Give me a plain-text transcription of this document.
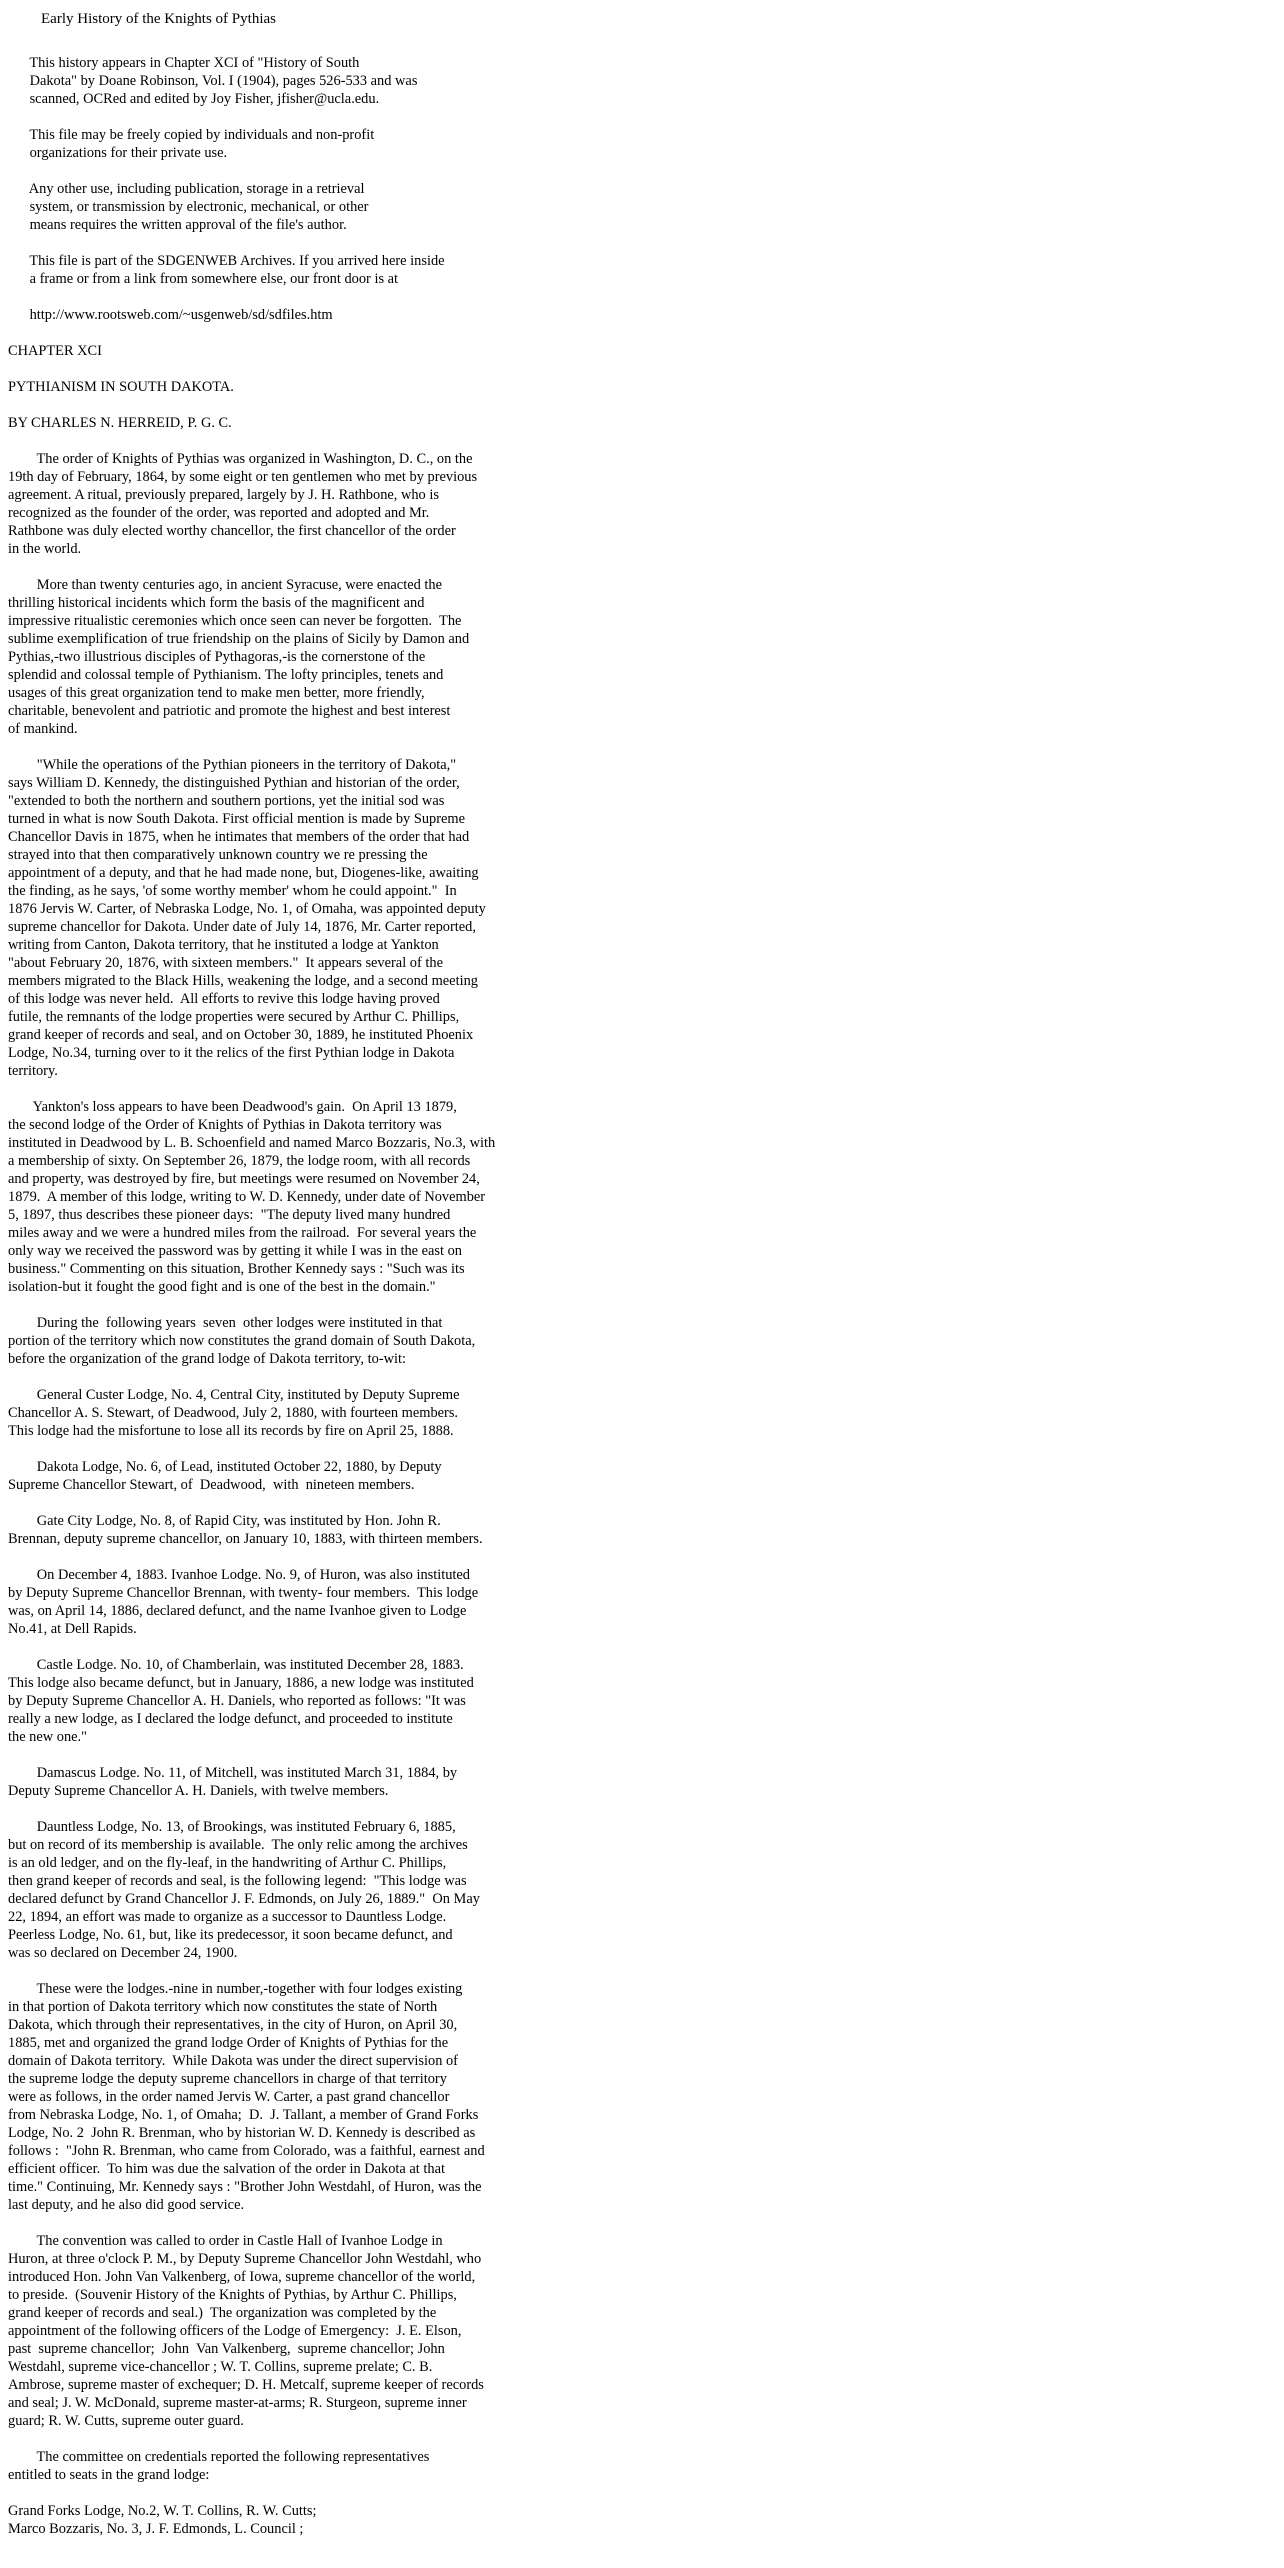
Early History of the Knights of Pythias
This history appears in Chapter XCI of "History of South
Dakota" by Doane Robinson, Vol. I (1904), pages 526-533 and was
scanned, OCRed and edited by Joy Fisher, jfisher@ucla.edu.
This file may be freely copied by individuals and non-profit
organizations for their private use.
Any other use, including publication, storage in a retrieval
system, or transmission by electronic, mechanical, or other
means requires the written approval of the file's author.
This file is part of the SDGENWEB Archives. If you arrived here inside
a frame or from a link from somewhere else, our front door is at
http://www.rootsweb.com/~usgenweb/sd/sdfiles.htm
CHAPTER XCI
PYTHIANISM IN SOUTH DAKOTA.
BY CHARLES N. HERREID, P. G. C.
The order of Knights of Pythias was organized in Washington, D. C., on the
19th day of February, 1864, by some eight or ten gentlemen who met by previous
agreement. A ritual, previously prepared, largely by J. H. Rathbone, who is
recognized as the founder of the order, was reported and adopted and Mr.
Rathbone was duly elected worthy chancellor, the first chancellor of the order
in the world.
More than twenty centuries ago, in ancient Syracuse, were enacted the
thrilling historical incidents which form the basis of the magnificent and
impressive ritualistic ceremonies which once seen can never be forgotten.  The
sublime exemplification of true friendship on the plains of Sicily by Damon and
Pythias,-two illustrious disciples of Pythagoras,-is the cornerstone of the
splendid and colossal temple of Pythianism. The lofty principles, tenets and
usages of this great organization tend to make men better, more friendly,
charitable, benevolent and patriotic and promote the highest and best interest
of mankind.
"While the operations of the Pythian pioneers in the territory of Dakota,"
says William D. Kennedy, the distinguished Pythian and historian of the order,
"extended to both the northern and southern portions, yet the initial sod was
turned in what is now South Dakota. First official mention is made by Supreme
Chancellor Davis in 1875, when he intimates that members of the order that had
strayed into that then comparatively unknown country we re pressing the
appointment of a deputy, and that he had made none, but, Diogenes-like, awaiting
the finding, as he says, 'of some worthy member' whom he could appoint."  In
1876 Jervis W. Carter, of Nebraska Lodge, No. 1, of Omaha, was appointed deputy
supreme chancellor for Dakota. Under date of July 14, 1876, Mr. Carter reported,
writing from Canton, Dakota territory, that he instituted a lodge at Yankton
"about February 20, 1876, with sixteen members."  It appears several of the
members migrated to the Black Hills, weakening the lodge, and a second meeting
of this lodge was never held.  All efforts to revive this lodge having proved
futile, the remnants of the lodge properties were secured by Arthur C. Phillips,
grand keeper of records and seal, and on October 30, 1889, he instituted Phoenix
Lodge, No.34, turning over to it the relics of the first Pythian lodge in Dakota
territory.
Yankton's loss appears to have been Deadwood's gain.  On April 13 1879,
the second lodge of the Order of Knights of Pythias in Dakota territory was
instituted in Deadwood by L. B. Schoenfield and named Marco Bozzaris, No.3, with
a membership of sixty. On September 26, 1879, the lodge room, with all records
and property, was destroyed by fire, but meetings were resumed on November 24,
1879.  A member of this lodge, writing to W. D. Kennedy, under date of November
5, 1897, thus describes these pioneer days:  "The deputy lived many hundred
miles away and we were a hundred miles from the railroad.  For several years the
only way we received the password was by getting it while I was in the east on
business." Commenting on this situation, Brother Kennedy says : "Such was its
isolation-but it fought the good fight and is one of the best in the domain."
During the  following years  seven  other lodges were instituted in that
portion of the territory which now constitutes the grand domain of South Dakota,
before the organization of the grand lodge of Dakota territory, to-wit:
General Custer Lodge, No. 4, Central City, instituted by Deputy Supreme
Chancellor A. S. Stewart, of Deadwood, July 2, 1880, with fourteen members.
This lodge had the misfortune to lose all its records by fire on April 25, 1888.
Dakota Lodge, No. 6, of Lead, instituted October 22, 1880, by Deputy
Supreme Chancellor Stewart, of  Deadwood,  with  nineteen members.
Gate City Lodge, No. 8, of Rapid City, was instituted by Hon. John R.
Brennan, deputy supreme chancellor, on January 10, 1883, with thirteen members.
On December 4, 1883. Ivanhoe Lodge. No. 9, of Huron, was also instituted
by Deputy Supreme Chancellor Brennan, with twenty- four members.  This lodge
was, on April 14, 1886, declared defunct, and the name Ivanhoe given to Lodge
No.41, at Dell Rapids.
Castle Lodge. No. 10, of Chamberlain, was instituted December 28, 1883.
This lodge also became defunct, but in January, 1886, a new lodge was instituted
by Deputy Supreme Chancellor A. H. Daniels, who reported as follows: "It was
really a new lodge, as I declared the lodge defunct, and proceeded to institute
the new one."
Damascus Lodge. No. 11, of Mitchell, was instituted March 31, 1884, by
Deputy Supreme Chancellor A. H. Daniels, with twelve members.
Dauntless Lodge, No. 13, of Brookings, was instituted February 6, 1885,
but on record of its membership is available.  The only relic among the archives
is an old ledger, and on the fly-leaf, in the handwriting of Arthur C. Phillips,
then grand keeper of records and seal, is the following legend:  "This lodge was
declared defunct by Grand Chancellor J. F. Edmonds, on July 26, 1889."  On May
22, 1894, an effort was made to organize as a successor to Dauntless Lodge.
Peerless Lodge, No. 61, but, like its predecessor, it soon became defunct, and
was so declared on December 24, 1900.
These were the lodges.-nine in number,-together with four lodges existing
in that portion of Dakota territory which now constitutes the state of North
Dakota, which through their representatives, in the city of Huron, on April 30,
1885, met and organized the grand lodge Order of Knights of Pythias for the
domain of Dakota territory.  While Dakota was under the direct supervision of
the supreme lodge the deputy supreme chancellors in charge of that territory
were as follows, in the order named Jervis W. Carter, a past grand chancellor
from Nebraska Lodge, No. 1, of Omaha;  D.  J. Tallant, a member of Grand Forks
Lodge, No. 2  John R. Brenman, who by historian W. D. Kennedy is described as
follows :  "John R. Brenman, who came from Colorado, was a faithful, earnest and
efficient officer.  To him was due the salvation of the order in Dakota at that
time." Continuing, Mr. Kennedy says : "Brother John Westdahl, of Huron, was the
last deputy, and he also did good service.
The convention was called to order in Castle Hall of Ivanhoe Lodge in
Huron, at three o'clock P. M., by Deputy Supreme Chancellor John Westdahl, who
introduced Hon. John Van Valkenberg, of Iowa, supreme chancellor of the world,
to preside.  (Souvenir History of the Knights of Pythias, by Arthur C. Phillips,
grand keeper of records and seal.)  The organization was completed by the
appointment of the following officers of the Lodge of Emergency:  J. E. Elson,
past  supreme chancellor;  John  Van Valkenberg,  supreme chancellor; John
Westdahl, supreme vice-chancellor ; W. T. Collins, supreme prelate; C. B.
Ambrose, supreme master of exchequer; D. H. Metcalf, supreme keeper of records
and seal; J. W. McDonald, supreme master-at-arms; R. Sturgeon, supreme inner
guard; R. W. Cutts, supreme outer guard.
The committee on credentials reported the following representatives
entitled to seats in the grand lodge:
Grand Forks Lodge, No.2, W. T. Collins, R. W. Cutts;
Marco Bozzaris, No. 3, J. F. Edmonds, L. Council ;
